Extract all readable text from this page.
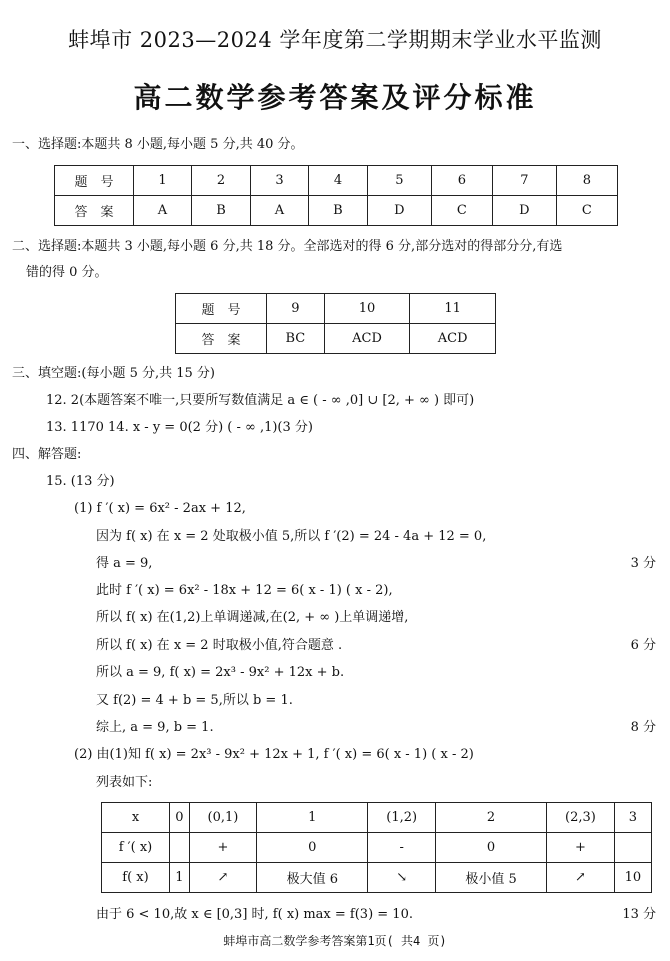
蚌埠市 2023—2024 学年度第二学期期末学业水平监测
高二数学参考答案及评分标准
一、选择题:本题共 8 小题,每小题 5 分,共 40 分。
题　号	1	2	3	4	5	6	7	8
答　案	A	B	A	B	D	C	D	C
二、选择题:本题共 3 小题,每小题 6 分,共 18 分。全部选对的得 6 分,部分选对的得部分分,有选
错的得 0 分。
题　号	9	10	11
答　案	BC	ACD	ACD
三、填空题:(每小题 5 分,共 15 分)
12. 2(本题答案不唯一,只要所写数值满足 a ∈ ( - ∞ ,0] ∪ [2, + ∞ ) 即可)
13. 1170 14. x - y = 0(2 分) ( - ∞ ,1)(3 分)
四、解答题:
15. (13 分)
(1) f ′( x) = 6x² - 2ax + 12,
因为 f( x) 在 x = 2 处取极小值 5,所以 f ′(2) = 24 - 4a + 12 = 0,
得 a = 9,	3 分
此时 f ′( x) = 6x² - 18x + 12 = 6( x - 1) ( x - 2),
所以 f( x) 在(1,2)上单调递减,在(2, + ∞ )上单调递增,
所以 f( x) 在 x = 2 时取极小值,符合题意 .	6 分
所以 a = 9, f( x) = 2x³ - 9x² + 12x + b.
又 f(2) = 4 + b = 5,所以 b = 1.
综上, a = 9, b = 1.	8 分
(2) 由(1)知 f( x) = 2x³ - 9x² + 12x + 1, f ′( x) = 6( x - 1) ( x - 2)
列表如下:
x	0	(0,1)	1	(1,2)	2	(2,3)	3
f ′( x)		+	0	-	0	+	
f( x)	1	↗	极大值 6	↘	极小值 5	↗	10
由于 6 < 10,故 x ∈ [0,3] 时, f( x) max = f(3) = 10.	13 分
蚌埠市高二数学参考答案第1页( 共4 页)
